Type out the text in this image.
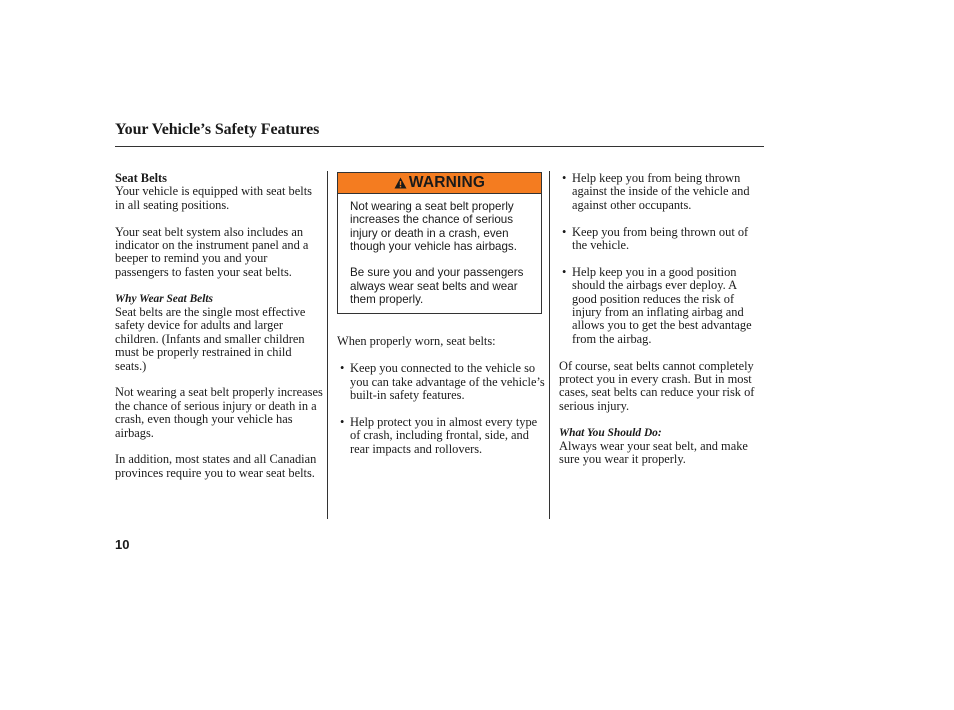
Your Vehicle’s Safety Features

Seat Belts
Your vehicle is equipped with seat belts in all seating positions.

Your seat belt system also includes an indicator on the instrument panel and a beeper to remind you and your passengers to fasten your seat belts.

Why Wear Seat Belts
Seat belts are the single most effective safety device for adults and larger children. (Infants and smaller children must be properly restrained in child seats.)

Not wearing a seat belt properly increases the chance of serious injury or death in a crash, even though your vehicle has airbags.

In addition, most states and all Canadian provinces require you to wear seat belts.

WARNING

Not wearing a seat belt properly increases the chance of serious injury or death in a crash, even though your vehicle has airbags.

Be sure you and your passengers always wear seat belts and wear them properly.

When properly worn, seat belts:

• Keep you connected to the vehicle so you can take advantage of the vehicle’s built-in safety features.
• Help protect you in almost every type of crash, including frontal, side, and rear impacts and rollovers.
• Help keep you from being thrown against the inside of the vehicle and against other occupants.
• Keep you from being thrown out of the vehicle.
• Help keep you in a good position should the airbags ever deploy. A good position reduces the risk of injury from an inflating airbag and allows you to get the best advantage from the airbag.

Of course, seat belts cannot completely protect you in every crash. But in most cases, seat belts can reduce your risk of serious injury.

What You Should Do:
Always wear your seat belt, and make sure you wear it properly.

10
